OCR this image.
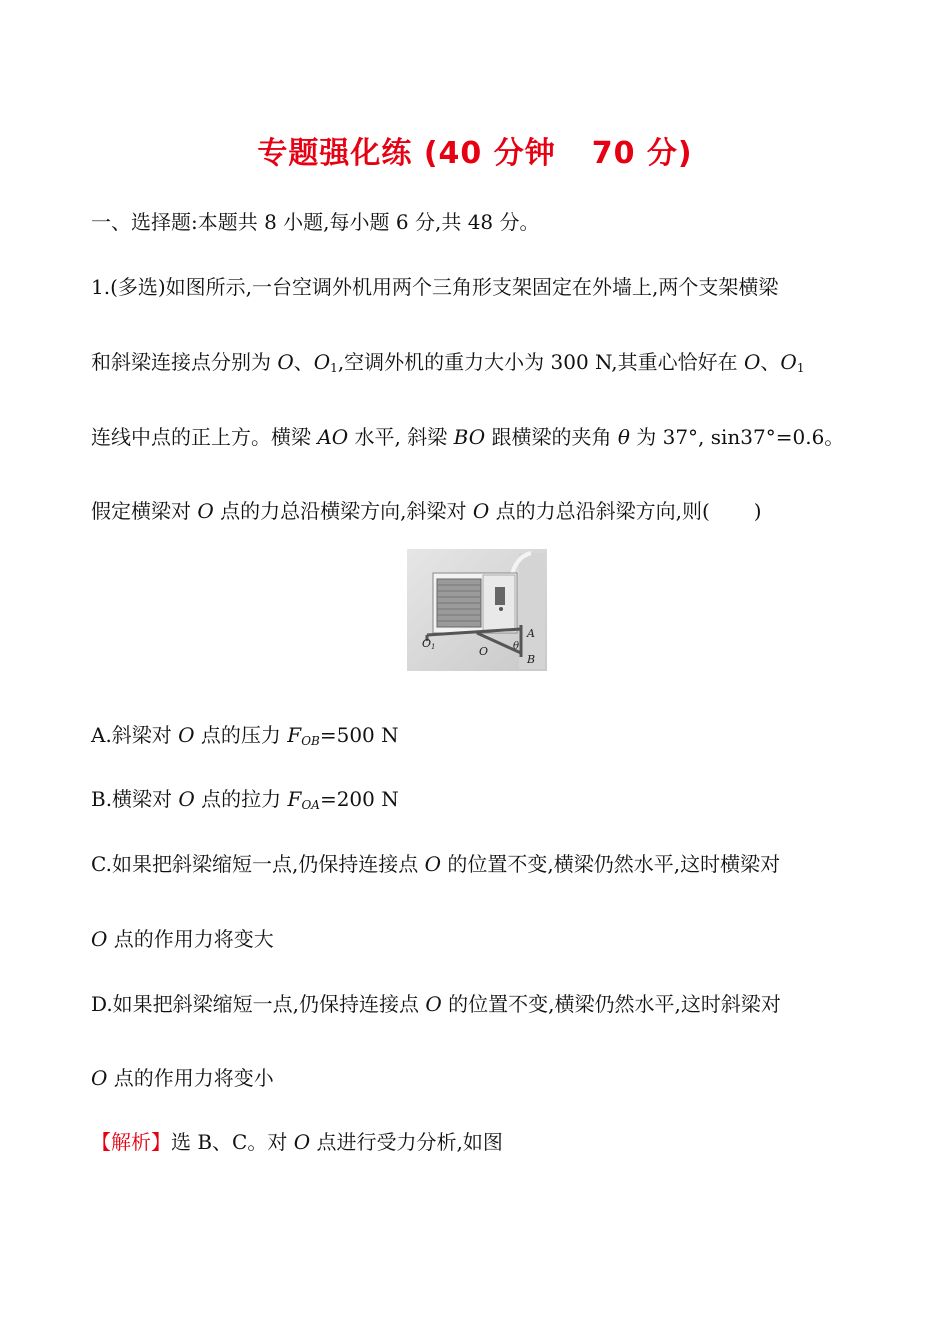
专题强化练 (40 分钟 70 分)
一、选择题:本题共 8 小题,每小题 6 分,共 48 分。
1.(多选)如图所示,一台空调外机用两个三角形支架固定在外墙上,两个支架横梁
和斜梁连接点分别为 O、$O_1$,空调外机的重力大小为 300 N,其重心恰好在 O、$O_1$
连线中点的正上方。横梁 AO 水平, 斜梁 BO 跟横梁的夹角 θ 为 37°, sin37°=0.6。
假定横梁对 O 点的力总沿横梁方向,斜梁对 O 点的力总沿斜梁方向,则( )
O1	O
A
B
θ
A.斜梁对 O 点的压力 $F_{OB}=500$ N
B.横梁对 O 点的拉力 $F_{OA}=200$ N
C.如果把斜梁缩短一点,仍保持连接点 O 的位置不变,横梁仍然水平,这时横梁对
O 点的作用力将变大
D.如果把斜梁缩短一点,仍保持连接点 O 的位置不变,横梁仍然水平,这时斜梁对
O 点的作用力将变小
【解析】选 B、C。对 O 点进行受力分析,如图
